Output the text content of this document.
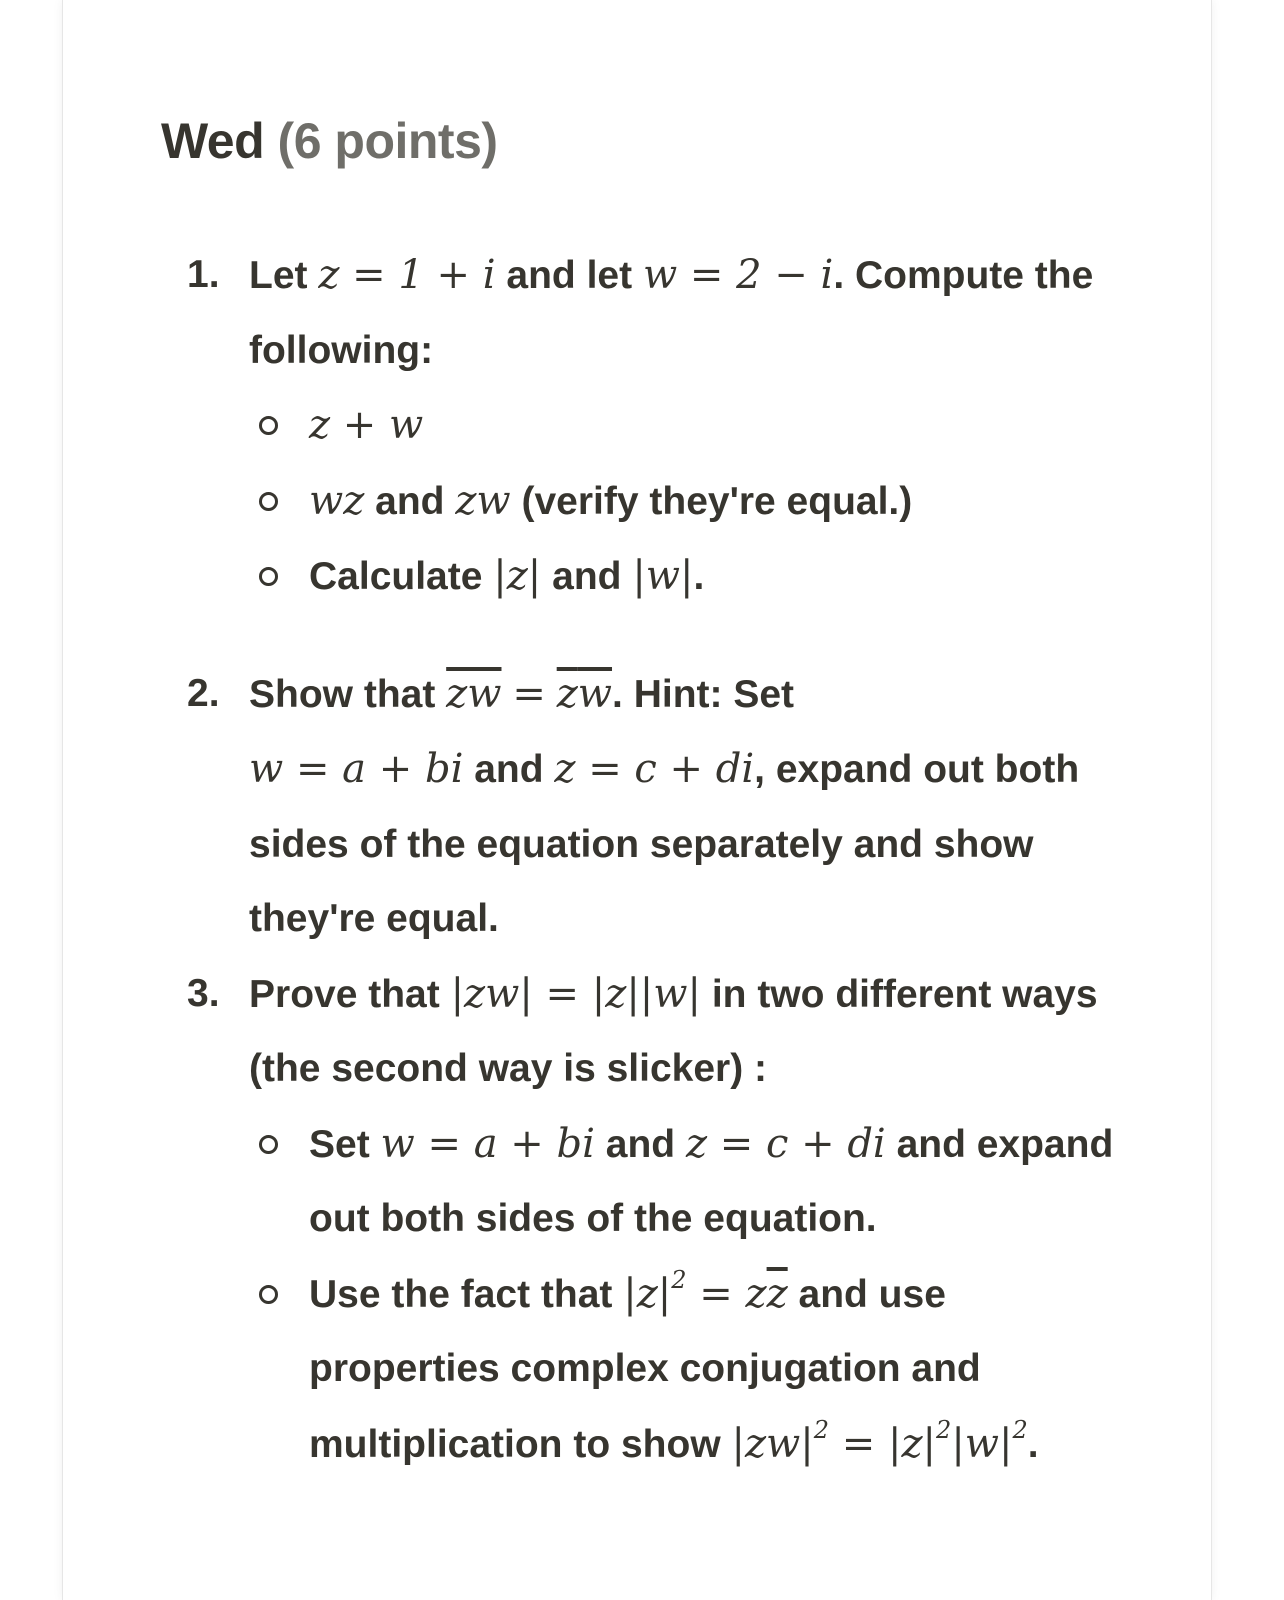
Wed (6 points)
1. Let z = 1 + i and let w = 2 − i. Compute the following:
z + w
wz and zw (verify they're equal.)
Calculate |z| and |w|.
2. Show that $\overline{zw} = \overline{z}\overline{w}$. Hint: Set
w = a + bi and z = c + di, expand out both sides of the equation separately and show they're equal.
3. Prove that |zw| = |z||w| in two different ways (the second way is slicker) :
Set w = a + bi and z = c + di and expand out both sides of the equation.
Use the fact that $|z|^2 = z\overline{z}$ and use properties complex conjugation and multiplication to show $|zw|^2 = |z|^2|w|^2$.
